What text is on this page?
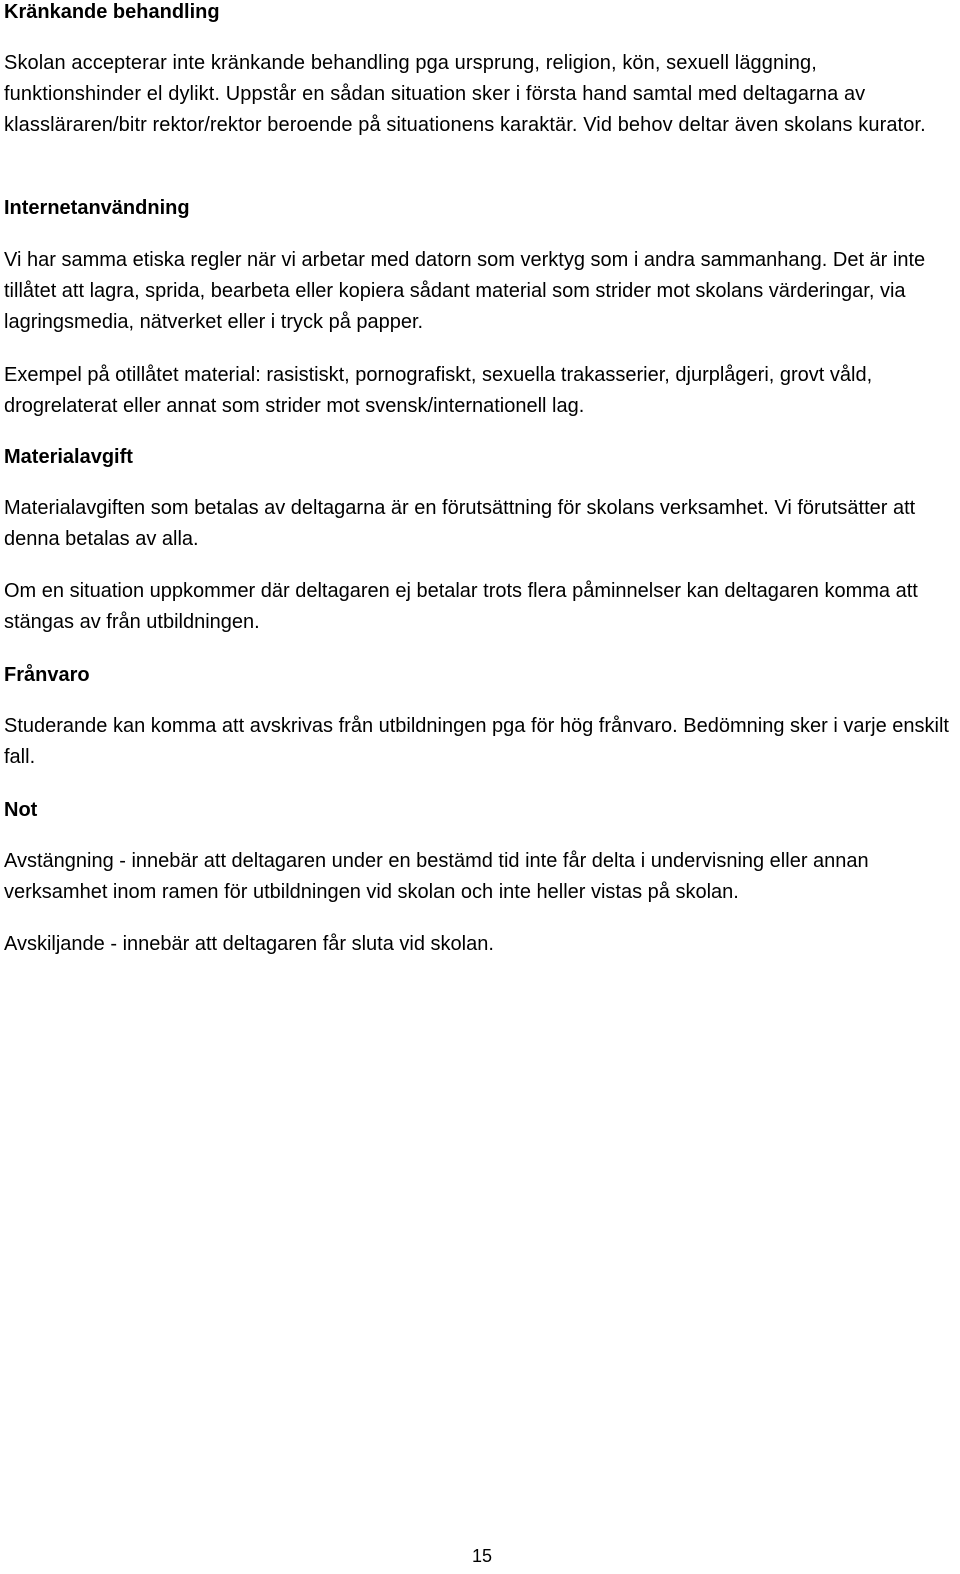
Kränkande behandling

Skolan accepterar inte kränkande behandling pga ursprung, religion, kön, sexuell läggning, funktionshinder el dylikt. Uppstår en sådan situation sker i första hand samtal med deltagarna av klassläraren/bitr rektor/rektor beroende på situationens karaktär. Vid behov deltar även skolans kurator.

Internetanvändning

Vi har samma etiska regler när vi arbetar med datorn som verktyg som i andra sammanhang. Det är inte tillåtet att lagra, sprida, bearbeta eller kopiera sådant material som strider mot skolans värderingar, via lagringsmedia, nätverket eller i tryck på papper.

Exempel på otillåtet material: rasistiskt, pornografiskt, sexuella trakasserier, djurplågeri, grovt våld, drogrelaterat eller annat som strider mot svensk/internationell lag.

Materialavgift

Materialavgiften som betalas av deltagarna är en förutsättning för skolans verksamhet. Vi förutsätter att denna betalas av alla.

Om en situation uppkommer där deltagaren ej betalar trots flera påminnelser kan deltagaren komma att stängas av från utbildningen.

Frånvaro

Studerande kan komma att avskrivas från utbildningen pga för hög frånvaro. Bedömning sker i varje enskilt fall.

Not

Avstängning - innebär att deltagaren under en bestämd tid inte får delta i undervisning eller annan verksamhet inom ramen för utbildningen vid skolan och inte heller vistas på skolan.

Avskiljande - innebär att deltagaren får sluta vid skolan.

15
